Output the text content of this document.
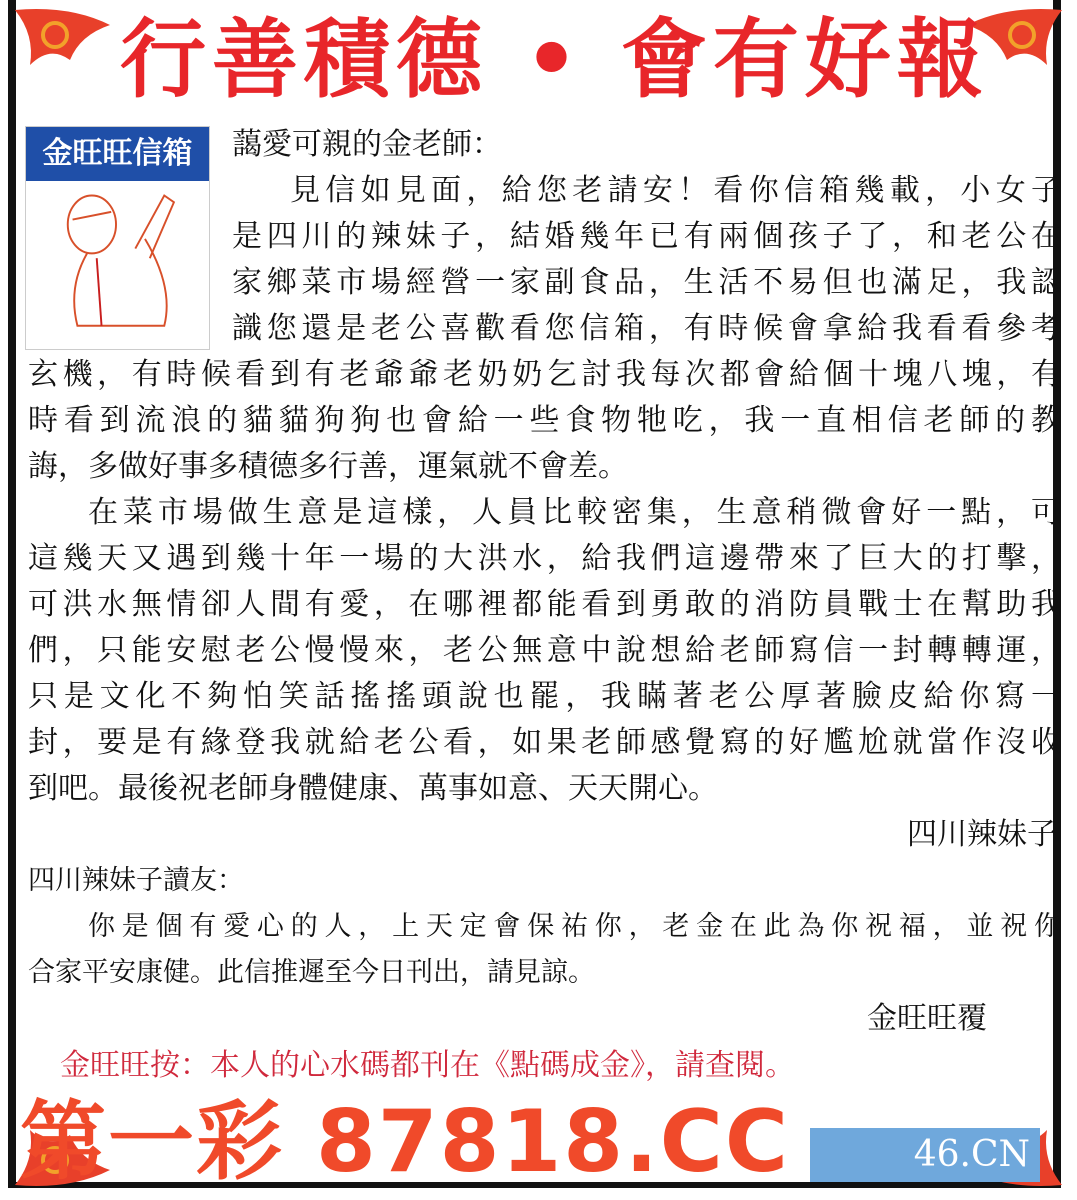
行善積德 • 會有好報
金旺旺信箱	藹愛可親的金老師：
見信如見面，給您老請安！看你信箱幾載，小女子
是四川的辣妹子，結婚幾年已有兩個孩子了，和老公在
家鄉菜市場經營一家副食品，生活不易但也滿足，我認
識您還是老公喜歡看您信箱，有時候會拿給我看看參考
玄機，有時候看到有老爺爺老奶奶乞討我每次都會給個十塊八塊，有
時看到流浪的貓貓狗狗也會給一些食物牠吃，我一直相信老師的教
誨，多做好事多積德多行善，運氣就不會差。
在菜市場做生意是這樣，人員比較密集，生意稍微會好一點，可
這幾天又遇到幾十年一場的大洪水，給我們這邊帶來了巨大的打擊，
可洪水無情卻人間有愛，在哪裡都能看到勇敢的消防員戰士在幫助我
們，只能安慰老公慢慢來，老公無意中說想給老師寫信一封轉轉運，
只是文化不夠怕笑話搖搖頭說也罷，我瞞著老公厚著臉皮給你寫一
封，要是有緣登我就給老公看，如果老師感覺寫的好尷尬就當作沒收
到吧。最後祝老師身體健康、萬事如意、天天開心。
四川辣妹子
四川辣妹子讀友：
你是個有愛心的人，上天定會保祐你，老金在此為你祝福，並祝你
合家平安康健。此信推遲至今日刊出，請見諒。
金旺旺覆
金旺旺按：本人的心水碼都刊在《點碼成金》，請查閱。
第一彩 87818.CC	46.CN
